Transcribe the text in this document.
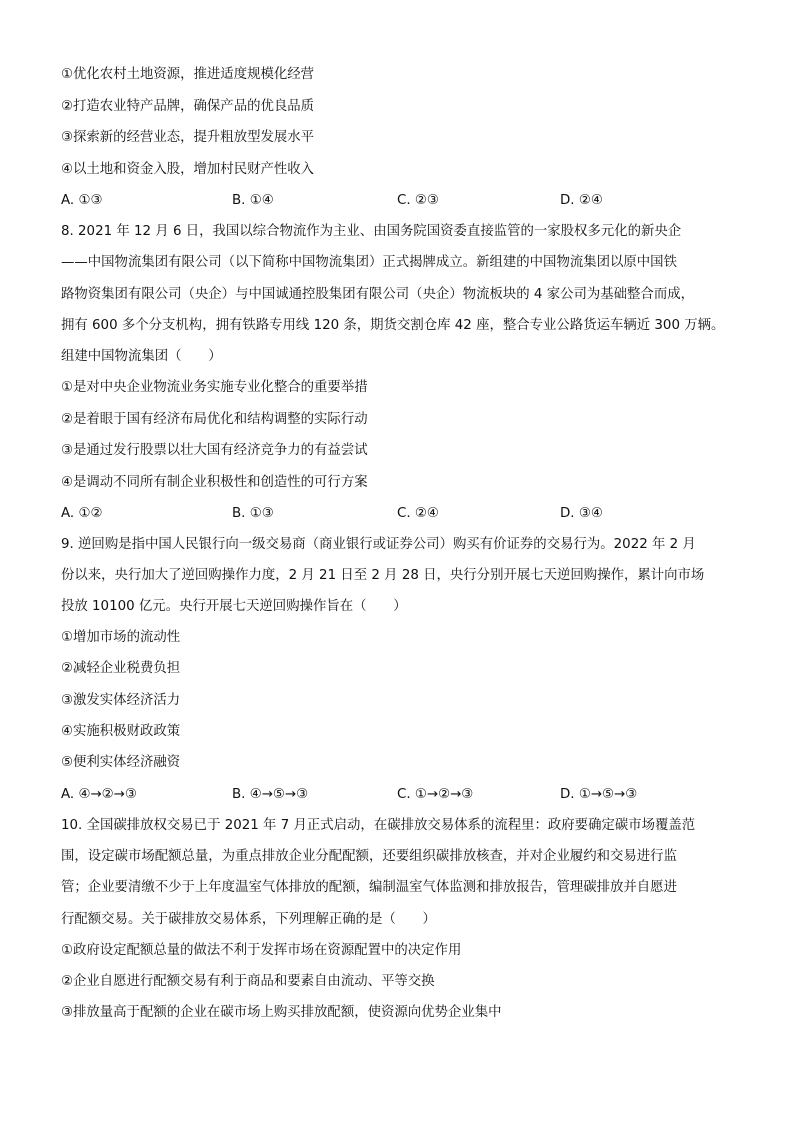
①优化农村土地资源，推进适度规模化经营
②打造农业特产品牌，确保产品的优良品质
③探索新的经营业态，提升粗放型发展水平
④以土地和资金入股，增加村民财产性收入
A. ①③	B. ①④	C. ②③	D. ②④
8. 2021 年 12 月 6 日，我国以综合物流作为主业、由国务院国资委直接监管的一家股权多元化的新央企
——中国物流集团有限公司（以下简称中国物流集团）正式揭牌成立。新组建的中国物流集团以原中国铁
路物资集团有限公司（央企）与中国诚通控股集团有限公司（央企）物流板块的 4 家公司为基础整合而成，
拥有 600 多个分支机构，拥有铁路专用线 120 条，期货交割仓库 42 座，整合专业公路货运车辆近 300 万辆。
组建中国物流集团（　　）
①是对中央企业物流业务实施专业化整合的重要举措
②是着眼于国有经济布局优化和结构调整的实际行动
③是通过发行股票以壮大国有经济竞争力的有益尝试
④是调动不同所有制企业积极性和创造性的可行方案
A. ①②	B. ①③	C. ②④	D. ③④
9. 逆回购是指中国人民银行向一级交易商（商业银行或证券公司）购买有价证券的交易行为。2022 年 2 月
份以来，央行加大了逆回购操作力度，2 月 21 日至 2 月 28 日，央行分别开展七天逆回购操作，累计向市场
投放 10100 亿元。央行开展七天逆回购操作旨在（　　）
①增加市场的流动性
②减轻企业税费负担
③激发实体经济活力
④实施积极财政政策
⑤便利实体经济融资
A. ④→②→③	B. ④→⑤→③	C. ①→②→③	D. ①→⑤→③
10. 全国碳排放权交易已于 2021 年 7 月正式启动，在碳排放交易体系的流程里：政府要确定碳市场覆盖范
围，设定碳市场配额总量，为重点排放企业分配配额，还要组织碳排放核查，并对企业履约和交易进行监
管；企业要清缴不少于上年度温室气体排放的配额，编制温室气体监测和排放报告，管理碳排放并自愿进
行配额交易。关于碳排放交易体系，下列理解正确的是（　　）
①政府设定配额总量的做法不利于发挥市场在资源配置中的决定作用
②企业自愿进行配额交易有利于商品和要素自由流动、平等交换
③排放量高于配额的企业在碳市场上购买排放配额，使资源向优势企业集中
